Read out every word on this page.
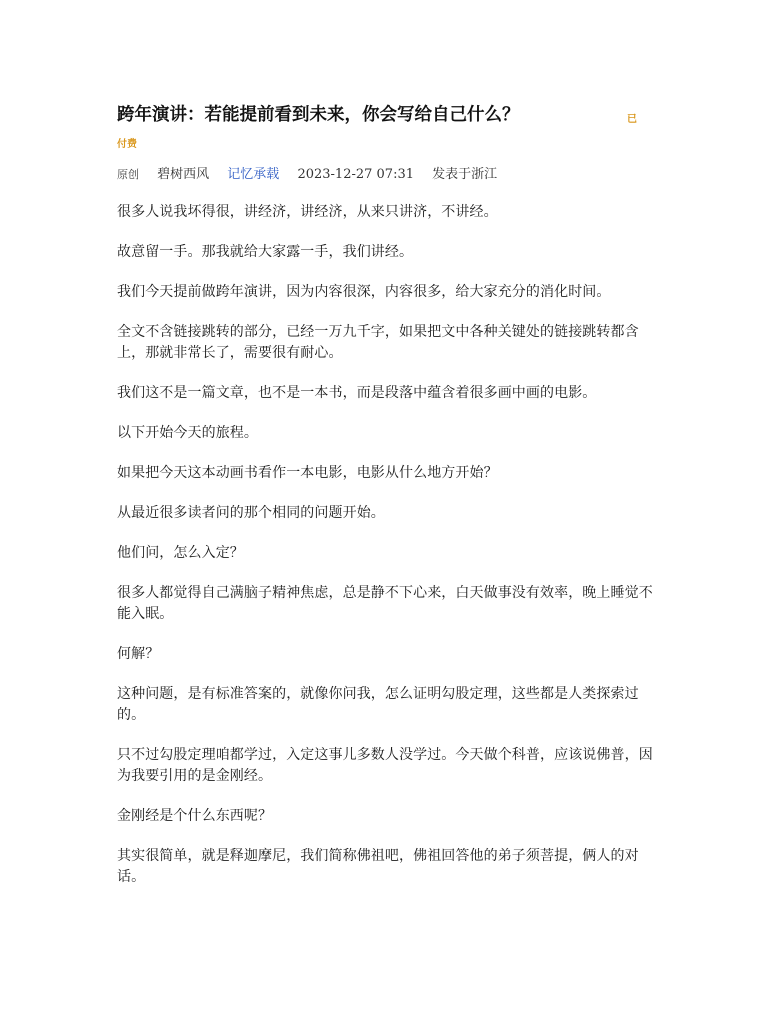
跨年演讲：若能提前看到未来，你会写给自己什么？	已
付费
原创 碧树西风 记忆承载 2023-12-27 07:31 发表于浙江

很多人说我坏得很，讲经济，讲经济，从来只讲济，不讲经。

故意留一手。那我就给大家露一手，我们讲经。

我们今天提前做跨年演讲，因为内容很深，内容很多，给大家充分的消化时间。

全文不含链接跳转的部分，已经一万九千字，如果把文中各种关键处的链接跳转都含上，那就非常长了，需要很有耐心。

我们这不是一篇文章，也不是一本书，而是段落中蕴含着很多画中画的电影。

以下开始今天的旅程。

如果把今天这本动画书看作一本电影，电影从什么地方开始？

从最近很多读者问的那个相同的问题开始。

他们问，怎么入定？

很多人都觉得自己满脑子精神焦虑，总是静不下心来，白天做事没有效率，晚上睡觉不能入眠。

何解？

这种问题，是有标准答案的，就像你问我，怎么证明勾股定理，这些都是人类探索过的。

只不过勾股定理咱都学过，入定这事儿多数人没学过。今天做个科普，应该说佛普，因为我要引用的是金刚经。

金刚经是个什么东西呢？

其实很简单，就是释迦摩尼，我们简称佛祖吧，佛祖回答他的弟子须菩提，俩人的对话。
